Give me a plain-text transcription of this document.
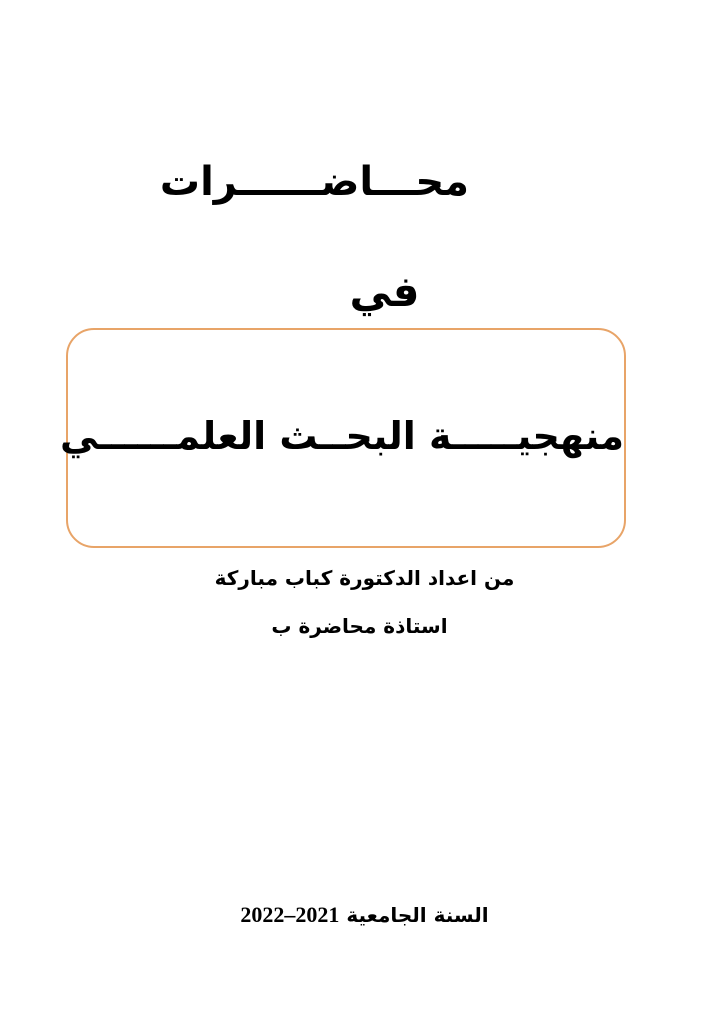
محـــاضــــــرات
في
منهجيـــــة البحــث العلمــــــي
من اعداد الدكتورة كباب مباركة
استاذة محاضرة ب
السنة الجامعية 2022–2021
